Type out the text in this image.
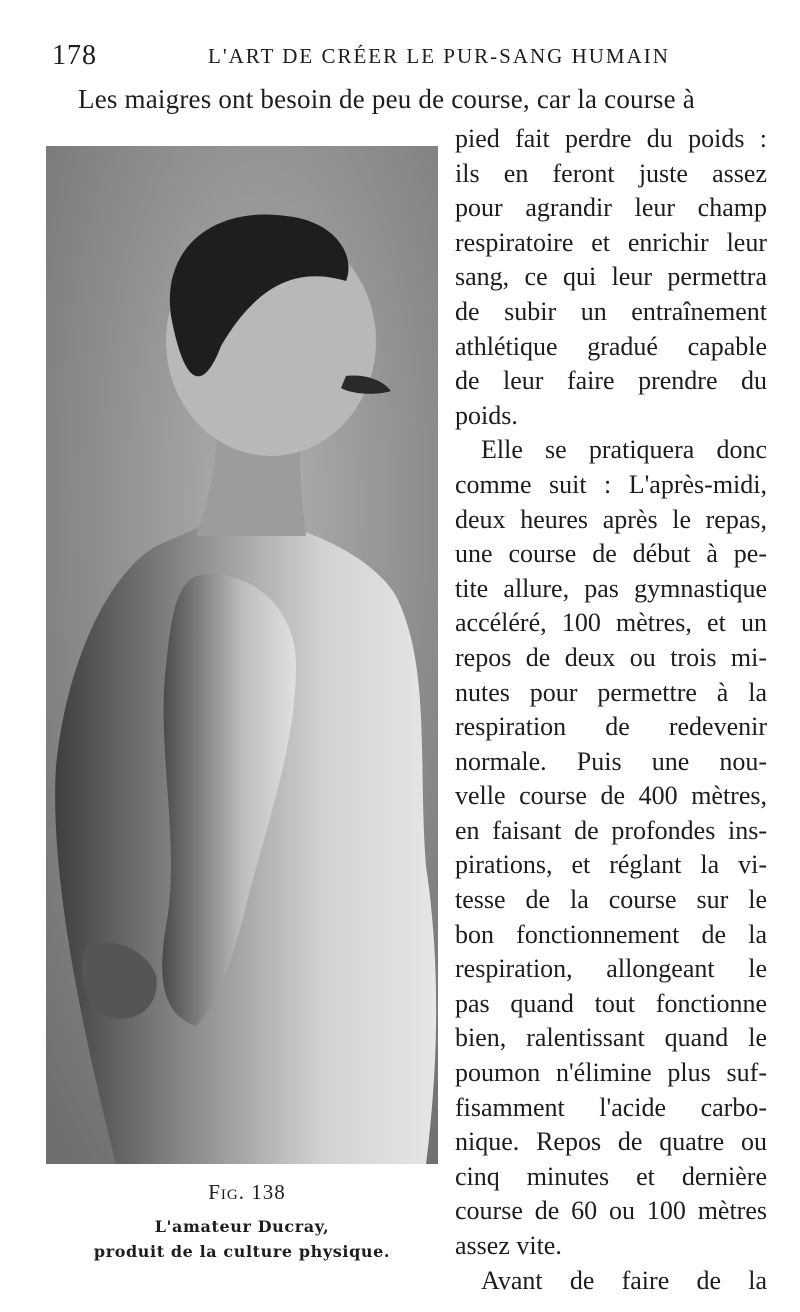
178	L'ART DE CRÉER LE PUR-SANG HUMAIN
Les maigres ont besoin de peu de course, car la course à
Fig. 138
L'amateur Ducray,
produit de la culture physique.
pied fait perdre du poids :
ils en feront juste assez
pour agrandir leur champ
respiratoire et enrichir leur
sang, ce qui leur permettra
de subir un entraînement
athlétique gradué capable
de leur faire prendre du
poids.
Elle se pratiquera donc
comme suit : L'après-midi,
deux heures après le repas,
une course de début à pe-
tite allure, pas gymnastique
accéléré, 100 mètres, et un
repos de deux ou trois mi-
nutes pour permettre à la
respiration de redevenir
normale. Puis une nou-
velle course de 400 mètres,
en faisant de profondes ins-
pirations, et réglant la vi-
tesse de la course sur le
bon fonctionnement de la
respiration, allongeant le
pas quand tout fonctionne
bien, ralentissant quand le
poumon n'élimine plus suf-
fisamment l'acide carbo-
nique. Repos de quatre ou
cinq minutes et dernière
course de 60 ou 100 mètres
assez vite.
Avant de faire de la
